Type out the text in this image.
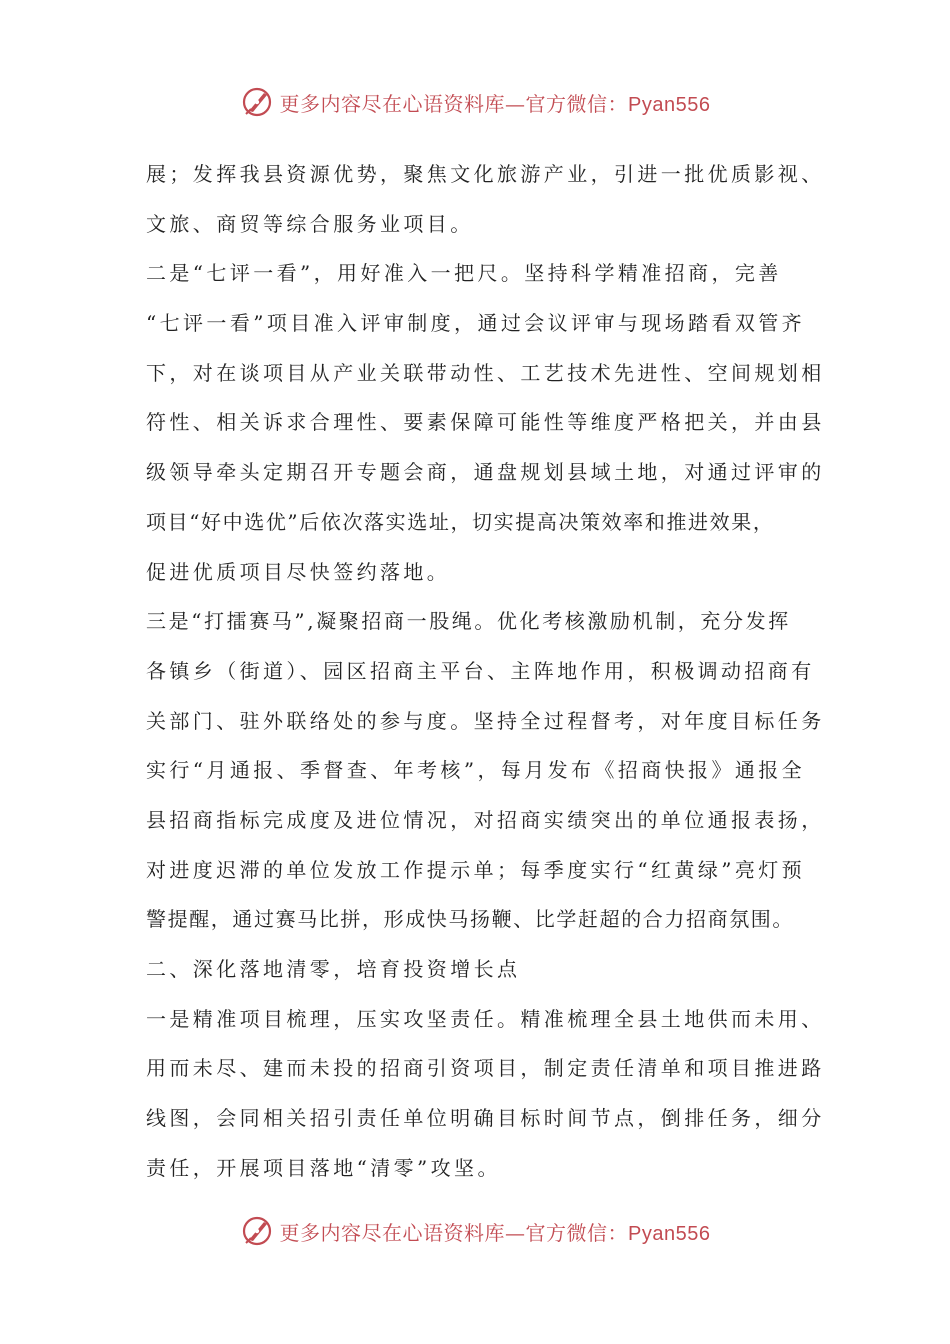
更多内容尽在心语资料库—官方微信：Pyan556
展；发挥我县资源优势，聚焦文化旅游产业，引进一批优质影视、
文旅、商贸等综合服务业项目。
二是“七评一看”，用好准入一把尺。坚持科学精准招商，完善
“七评一看”项目准入评审制度，通过会议评审与现场踏看双管齐
下，对在谈项目从产业关联带动性、工艺技术先进性、空间规划相
符性、相关诉求合理性、要素保障可能性等维度严格把关，并由县
级领导牵头定期召开专题会商，通盘规划县域土地，对通过评审的
项目“好中选优”后依次落实选址，切实提高决策效率和推进效果，
促进优质项目尽快签约落地。
三是“打擂赛马”,凝聚招商一股绳。优化考核激励机制，充分发挥
各镇乡（街道）、园区招商主平台、主阵地作用，积极调动招商有
关部门、驻外联络处的参与度。坚持全过程督考，对年度目标任务
实行“月通报、季督查、年考核”，每月发布《招商快报》通报全
县招商指标完成度及进位情况，对招商实绩突出的单位通报表扬，
对进度迟滞的单位发放工作提示单；每季度实行“红黄绿”亮灯预
警提醒，通过赛马比拼，形成快马扬鞭、比学赶超的合力招商氛围。
二、深化落地清零，培育投资增长点
一是精准项目梳理，压实攻坚责任。精准梳理全县土地供而未用、
用而未尽、建而未投的招商引资项目，制定责任清单和项目推进路
线图，会同相关招引责任单位明确目标时间节点，倒排任务，细分
责任，开展项目落地“清零”攻坚。
更多内容尽在心语资料库—官方微信：Pyan556
